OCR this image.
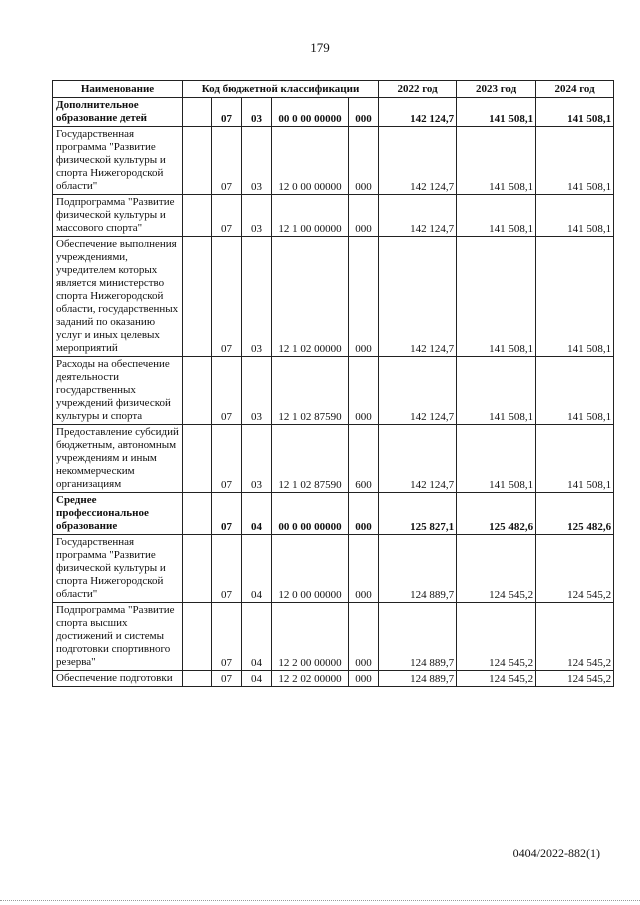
179
Наименование	Код бюджетной классификации					2022 год	2023 год	2024 год
Дополнительное образование детей		07	03	00 0 00 00000	000	142 124,7	141 508,1	141 508,1
Государственная программа "Развитие физической культуры и спорта Нижегородской области"		07	03	12 0 00 00000	000	142 124,7	141 508,1	141 508,1
Подпрограмма "Развитие физической культуры и массового спорта"		07	03	12 1 00 00000	000	142 124,7	141 508,1	141 508,1
Обеспечение выполнения учреждениями, учредителем которых является министерство спорта Нижегородской области, государственных заданий по оказанию услуг и иных целевых мероприятий		07	03	12 1 02 00000	000	142 124,7	141 508,1	141 508,1
Расходы на обеспечение деятельности государственных учреждений физической культуры и спорта		07	03	12 1 02 87590	000	142 124,7	141 508,1	141 508,1
Предоставление субсидий бюджетным, автономным учреждениям и иным некоммерческим организациям		07	03	12 1 02 87590	600	142 124,7	141 508,1	141 508,1
Среднее профессиональное образование		07	04	00 0 00 00000	000	125 827,1	125 482,6	125 482,6
Государственная программа "Развитие физической культуры и спорта Нижегородской области"		07	04	12 0 00 00000	000	124 889,7	124 545,2	124 545,2
Подпрограмма "Развитие спорта высших достижений и системы подготовки спортивного резерва"		07	04	12 2 00 00000	000	124 889,7	124 545,2	124 545,2
Обеспечение подготовки		07	04	12 2 02 00000	000	124 889,7	124 545,2	124 545,2
0404/2022-882(1)
